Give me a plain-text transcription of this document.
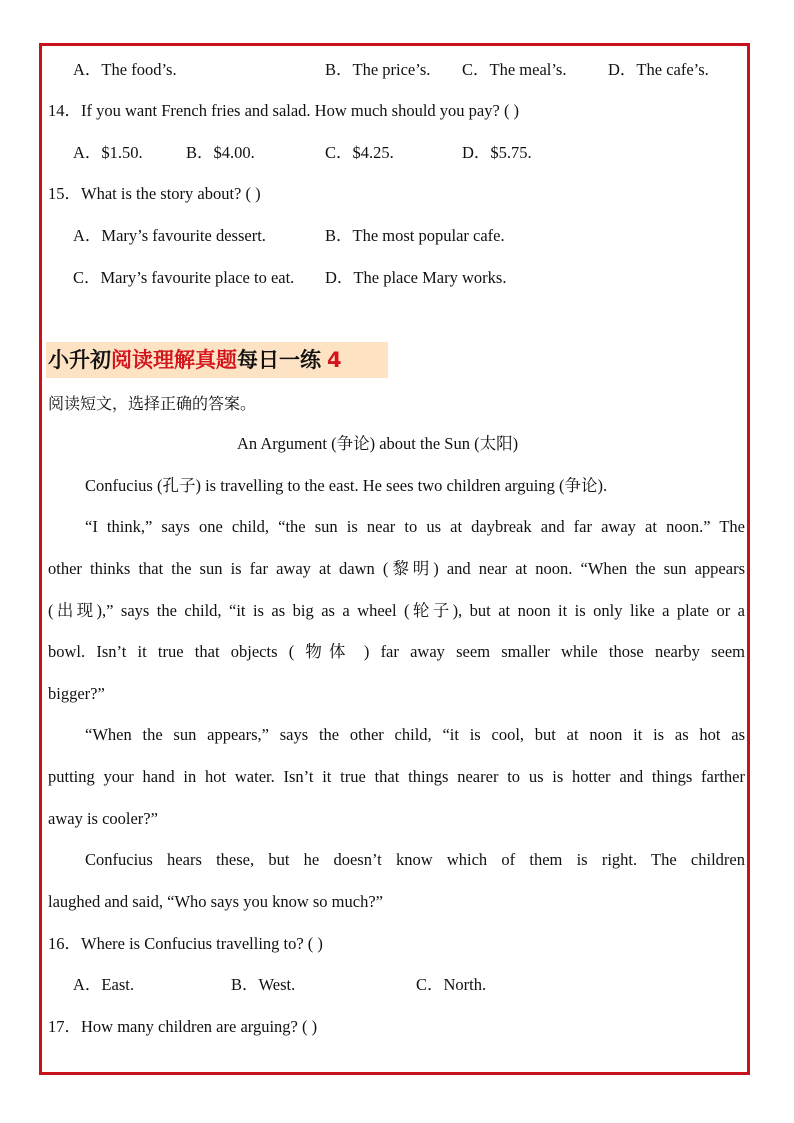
A．The food’s.	B．The price’s. C．The meal’s.	D．The cafe’s.
14．If you want French fries and salad. How much should you pay? ( )
A．$1.50.	B．$4.00.	C．$4.25.	D．$5.75.
15．What is the story about? ( )
A．Mary’s favourite dessert.	B．The most popular cafe.
C．Mary’s favourite place to eat. D．The place Mary works.
小升初阅读理解真题每日一练 4
阅读短文，选择正确的答案。
An Argument (争论) about the Sun (太阳)
Confucius (孔子) is travelling to the east. He sees two children arguing (争论).
“I think,” says one child, “the sun is near to us at daybreak and far away at noon.” The
other thinks that the sun is far away at dawn (黎明) and near at noon. “When the sun appears
(出现),” says the child, “it is as big as a wheel (轮子), but at noon it is only like a plate or a
bowl. Isn’t it true that objects ( 物体 ) far away seem smaller while those nearby seem
bigger?”
“When the sun appears,” says the other child, “it is cool, but at noon it is as hot as
putting your hand in hot water. Isn’t it true that things nearer to us is hotter and things farther
away is cooler?”
Confucius hears these, but he doesn’t know which of them is right. The children
laughed and said, “Who says you know so much?”
16．Where is Confucius travelling to? ( )
A．East.	B．West.	C．North.
17．How many children are arguing? ( )
